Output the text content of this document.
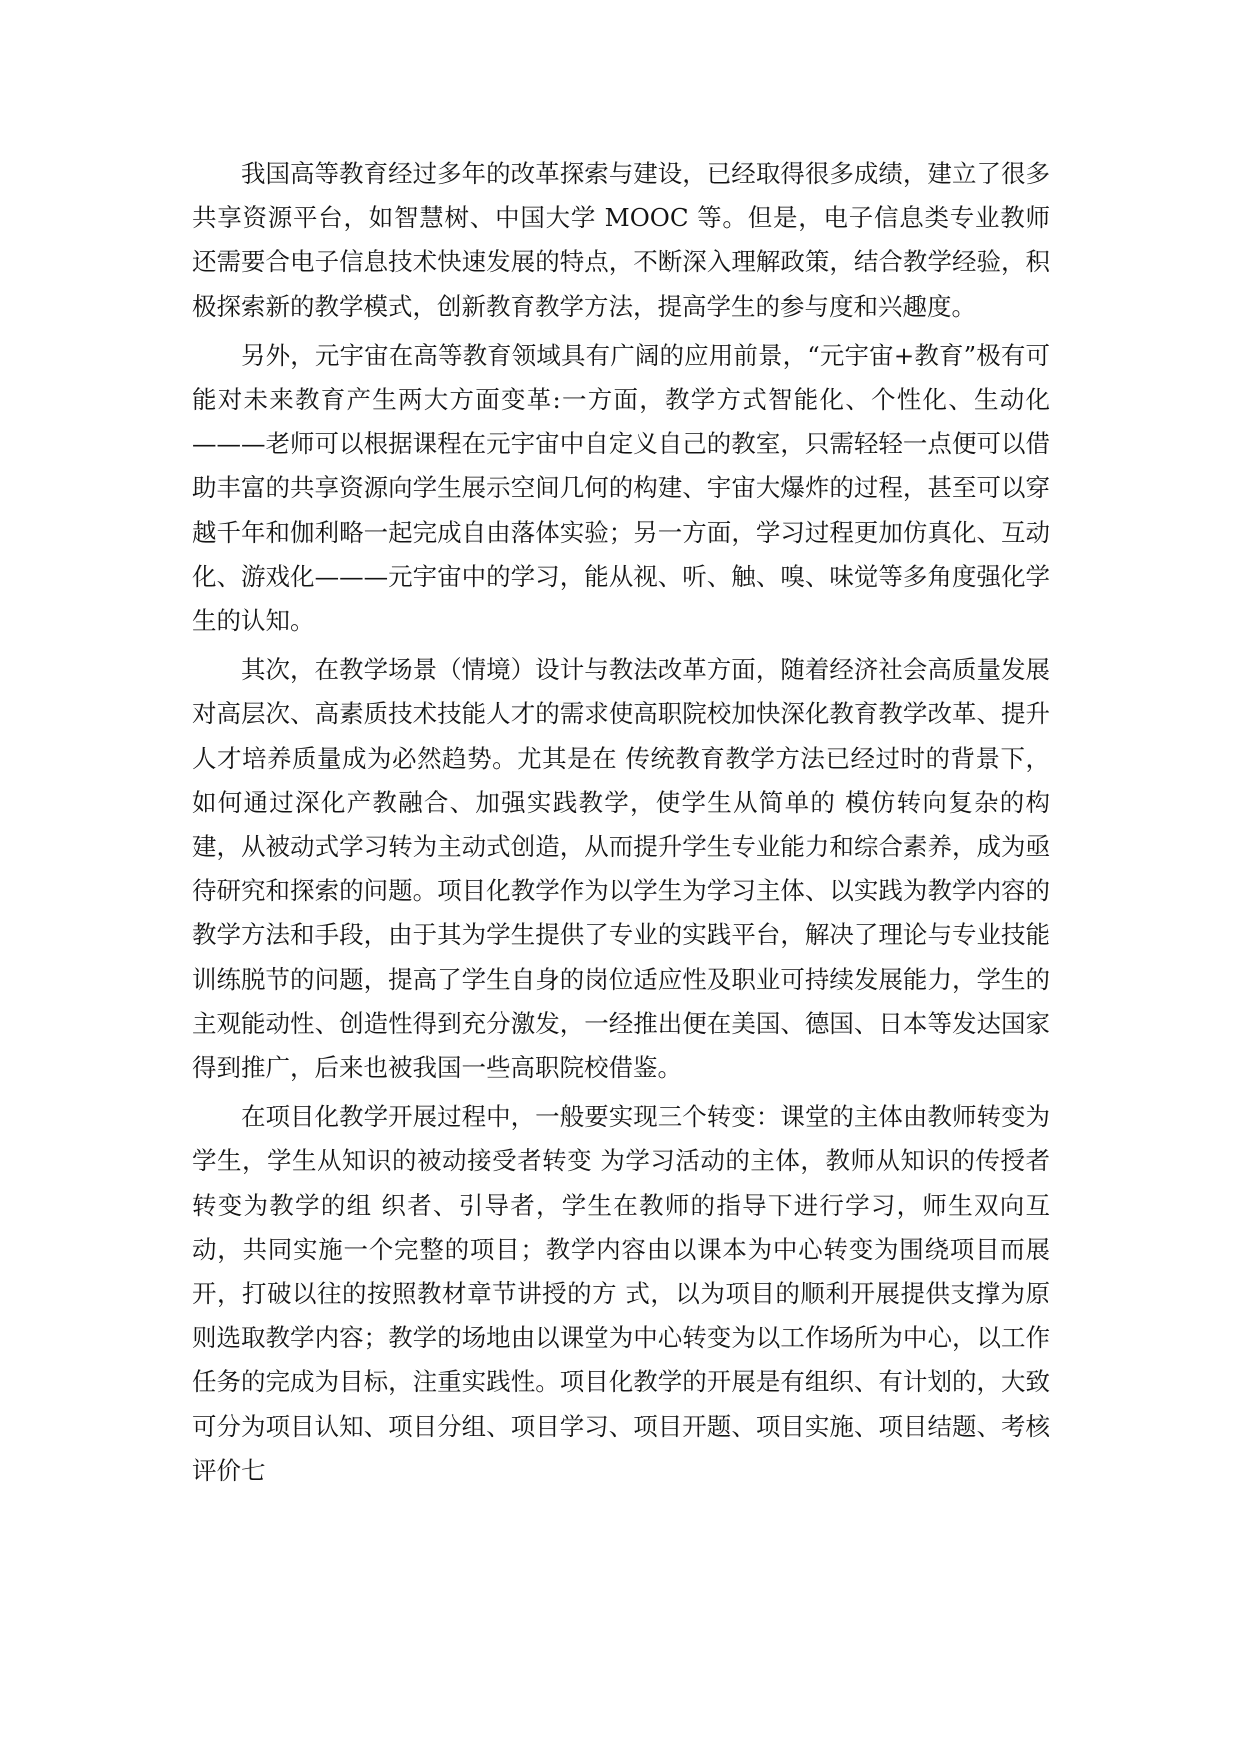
我国高等教育经过多年的改革探索与建设，已经取得很多成绩，建立了很多共享资源平台，如智慧树、中国大学 MOOC 等。但是，电子信息类专业教师还需要合电子信息技术快速发展的特点，不断深入理解政策，结合教学经验，积极探索新的教学模式，创新教育教学方法，提高学生的参与度和兴趣度。

另外，元宇宙在高等教育领域具有广阔的应用前景，“元宇宙+教育”极有可能对未来教育产生两大方面变革:一方面，教学方式智能化、个性化、生动化———老师可以根据课程在元宇宙中自定义自己的教室，只需轻轻一点便可以借助丰富的共享资源向学生展示空间几何的构建、宇宙大爆炸的过程，甚至可以穿越千年和伽利略一起完成自由落体实验；另一方面，学习过程更加仿真化、互动化、游戏化———元宇宙中的学习，能从视、听、触、嗅、味觉等多角度强化学生的认知。

其次，在教学场景（情境）设计与教法改革方面，随着经济社会高质量发展对高层次、高素质技术技能人才的需求使高职院校加快深化教育教学改革、提升人才培养质量成为必然趋势。尤其是在 传统教育教学方法已经过时的背景下，如何通过深化产教融合、加强实践教学，使学生从简单的 模仿转向复杂的构建，从被动式学习转为主动式创造，从而提升学生专业能力和综合素养，成为亟待研究和探索的问题。项目化教学作为以学生为学习主体、以实践为教学内容的教学方法和手段，由于其为学生提供了专业的实践平台，解决了理论与专业技能训练脱节的问题，提高了学生自身的岗位适应性及职业可持续发展能力，学生的主观能动性、创造性得到充分激发，一经推出便在美国、德国、日本等发达国家得到推广，后来也被我国一些高职院校借鉴。

在项目化教学开展过程中，一般要实现三个转变：课堂的主体由教师转变为学生，学生从知识的被动接受者转变 为学习活动的主体，教师从知识的传授者转变为教学的组 织者、引导者，学生在教师的指导下进行学习，师生双向互动，共同实施一个完整的项目；教学内容由以课本为中心转变为围绕项目而展开，打破以往的按照教材章节讲授的方 式，以为项目的顺利开展提供支撑为原则选取教学内容；教学的场地由以课堂为中心转变为以工作场所为中心，以工作任务的完成为目标，注重实践性。项目化教学的开展是有组织、有计划的，大致可分为项目认知、项目分组、项目学习、项目开题、项目实施、项目结题、考核评价七
